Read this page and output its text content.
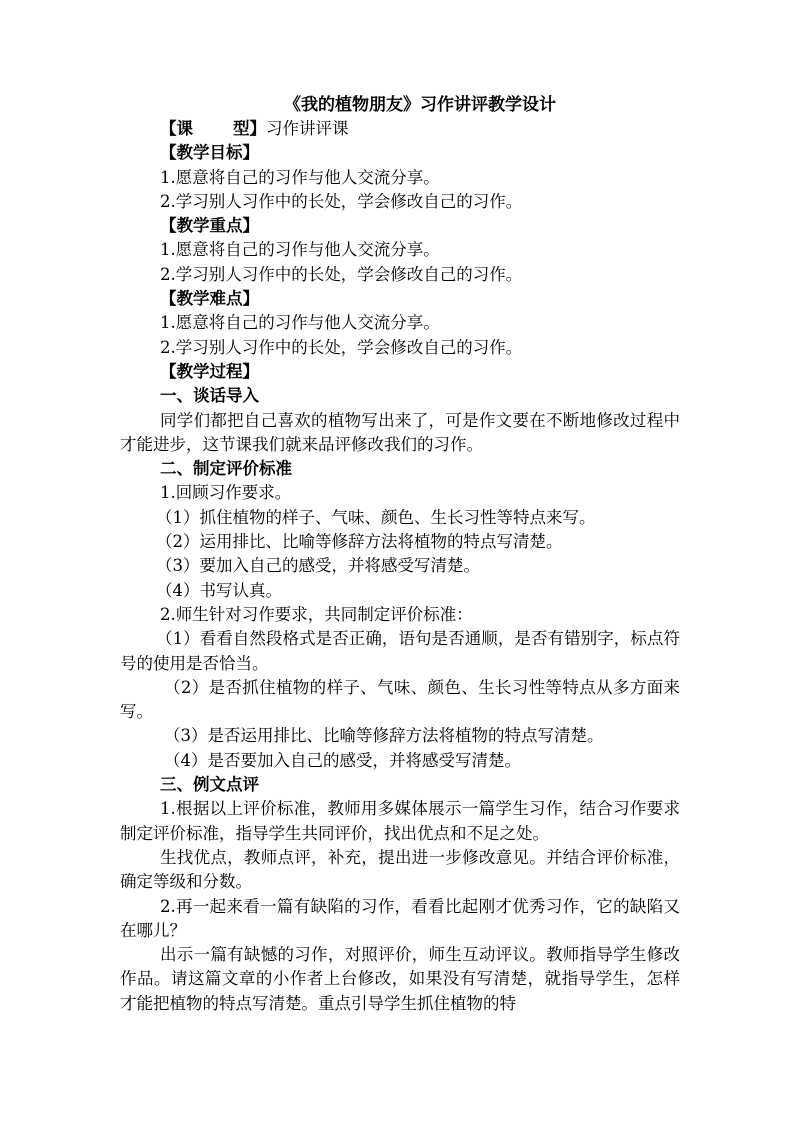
《我的植物朋友》习作讲评教学设计

【课 型】习作讲评课

【教学目标】

1.愿意将自己的习作与他人交流分享。

2.学习别人习作中的长处，学会修改自己的习作。

【教学重点】

1.愿意将自己的习作与他人交流分享。

2.学习别人习作中的长处，学会修改自己的习作。

【教学难点】

1.愿意将自己的习作与他人交流分享。

2.学习别人习作中的长处，学会修改自己的习作。

【教学过程】

一、谈话导入

同学们都把自己喜欢的植物写出来了，可是作文要在不断地修改过程中才能进步，这节课我们就来品评修改我们的习作。

二、制定评价标准

1.回顾习作要求。

（1）抓住植物的样子、气味、颜色、生长习性等特点来写。

（2）运用排比、比喻等修辞方法将植物的特点写清楚。

（3）要加入自己的感受，并将感受写清楚。

（4）书写认真。

2.师生针对习作要求，共同制定评价标准：

（1）看看自然段格式是否正确，语句是否通顺，是否有错别字，标点符号的使用是否恰当。

（2）是否抓住植物的样子、气味、颜色、生长习性等特点从多方面来写。

（3）是否运用排比、比喻等修辞方法将植物的特点写清楚。

（4）是否要加入自己的感受，并将感受写清楚。

三、例文点评

1.根据以上评价标准，教师用多媒体展示一篇学生习作，结合习作要求制定评价标准，指导学生共同评价，找出优点和不足之处。

生找优点，教师点评，补充，提出进一步修改意见。并结合评价标准，确定等级和分数。

2.再一起来看一篇有缺陷的习作，看看比起刚才优秀习作，它的缺陷又在哪儿？

出示一篇有缺憾的习作，对照评价，师生互动评议。教师指导学生修改作品。请这篇文章的小作者上台修改，如果没有写清楚，就指导学生，怎样才能把植物的特点写清楚。重点引导学生抓住植物的特
